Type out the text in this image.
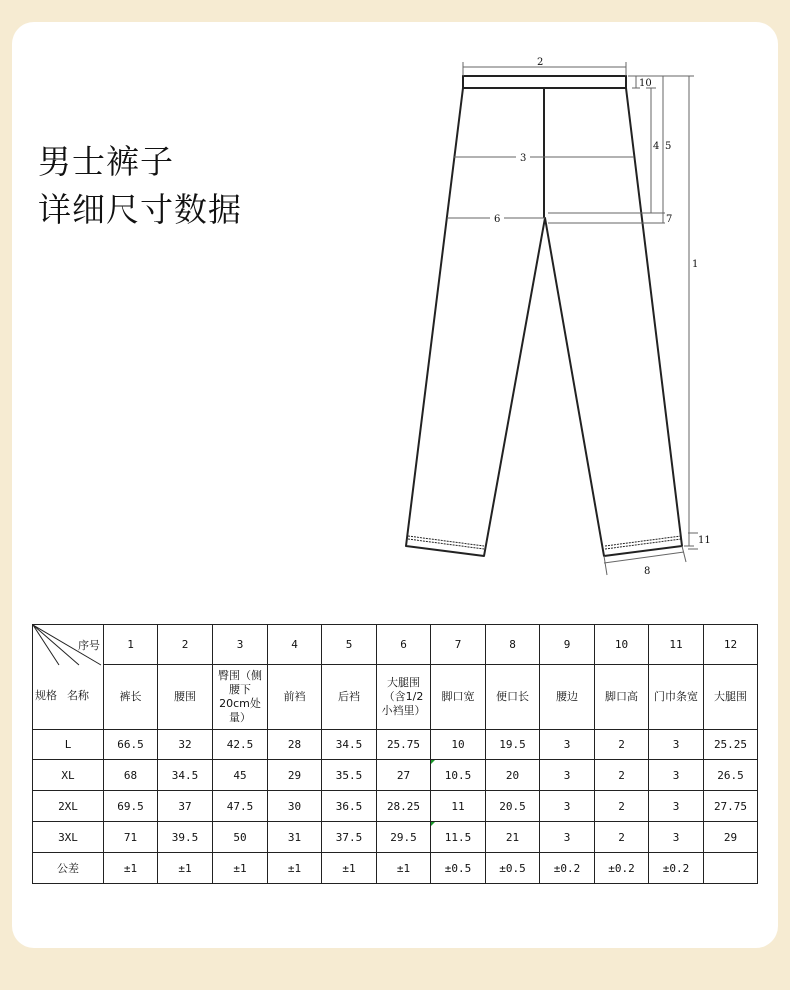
男士裤子
详细尺寸数据
2
3
6	7
10
4 5
1
11
8
序号
规格 名称	1	2	3	4	5	6	7	8	9	10	11	12
	裤长	腰围	臀围（侧腰下20cm处量）	前裆	后裆	大腿围（含1/2小裆里）	脚口宽	便口长	腰边	脚口高	门巾条宽	大腿围
L	66.5	32	42.5	28	34.5	25.75	10	19.5	3	2	3	25.25
XL	68	34.5	45	29	35.5	27	10.5	20	3	2	3	26.5
2XL	69.5	37	47.5	30	36.5	28.25	11	20.5	3	2	3	27.75
3XL	71	39.5	50	31	37.5	29.5	11.5	21	3	2	3	29
公差	±1	±1	±1	±1	±1	±1	±0.5	±0.5	±0.2	±0.2	±0.2	
